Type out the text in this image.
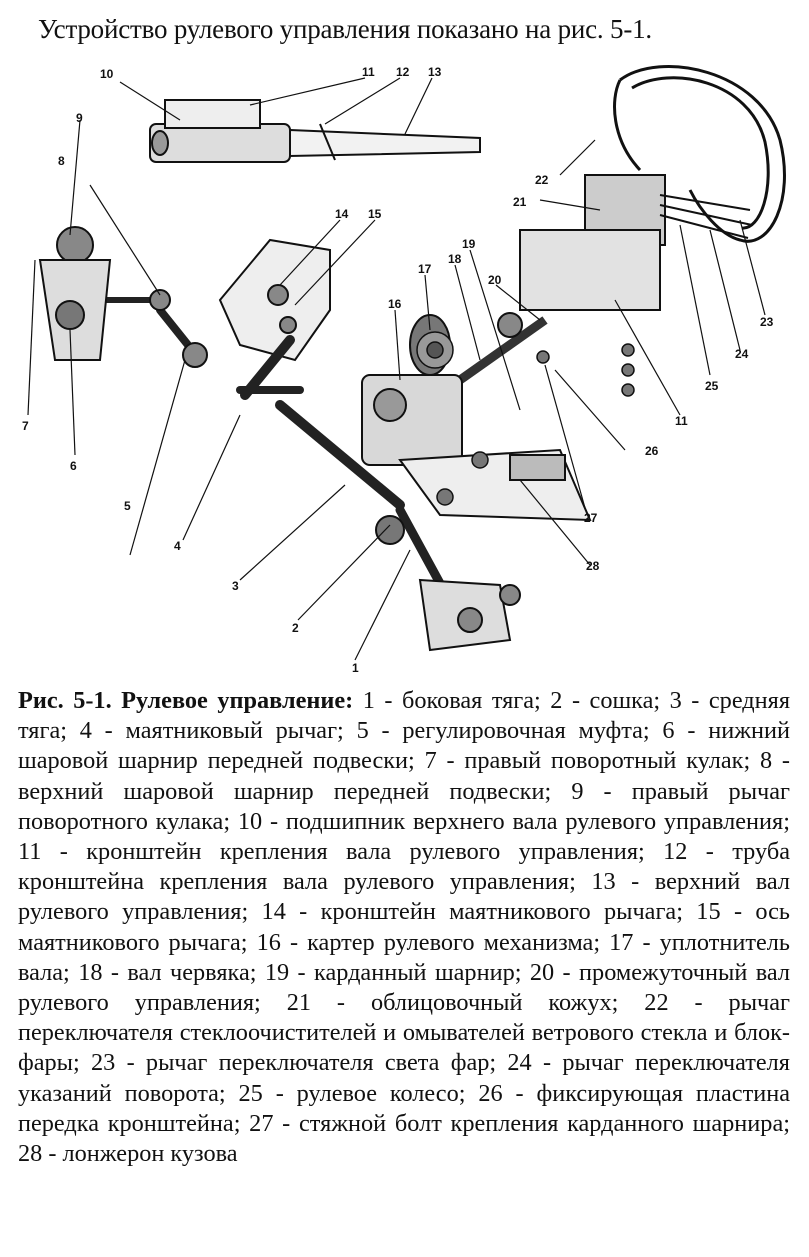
Устройство рулевого управления показано на рис. 5-1.
1
2
3
4
5
6
7
8
9
10	11
11
12 13
14 15
16
17
18
19
20
21
22
23
24
25
26
27
28
Рис. 5-1. Рулевое управление: 1 - боковая тяга; 2 - сошка; 3 - средняя тяга; 4 - маятниковый рычаг; 5 - регулировочная муфта; 6 - нижний шаровой шарнир передней подвески; 7 - правый поворотный кулак; 8 - верхний шаровой шарнир передней подвески; 9 - правый рычаг поворотного кулака; 10 - подшипник верхнего вала рулевого управления; 11 - кронштейн крепления вала рулевого управления; 12 - труба кронштейна крепления вала рулевого управления; 13 - верхний вал рулевого управления; 14 - кронштейн маятникового рычага; 15 - ось маятникового рычага; 16 - картер рулевого механизма; 17 - уплотнитель вала; 18 - вал червяка; 19 - карданный шарнир; 20 - промежуточный вал рулевого управления; 21 - облицовочный кожух; 22 - рычаг переключателя стеклоочистителей и омывателей ветрового стекла и блок-фары; 23 - рычаг переключателя света фар; 24 - рычаг переключателя указаний поворота; 25 - рулевое колесо; 26 - фиксирующая пластина передка кронштейна; 27 - стяжной болт крепления карданного шарнира; 28 - лонжерон кузова
